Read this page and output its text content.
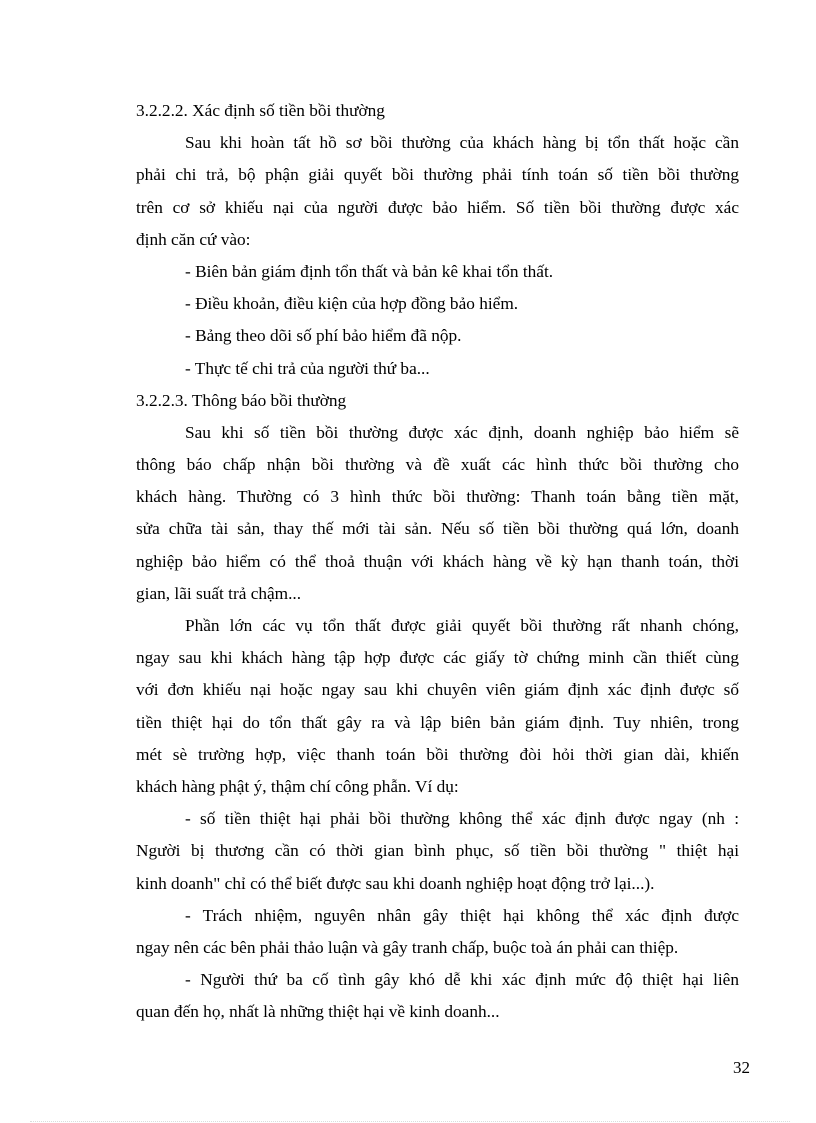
3.2.2.2. Xác định số tiền bồi thường
Sau khi hoàn tất hồ sơ bồi thường của khách hàng bị tổn thất hoặc cần
phải chi trả, bộ phận giải quyết bồi thường phải tính toán số tiền bồi thường
trên cơ sở khiếu nại của người được bảo hiểm. Số tiền bồi thường được xác
định căn cứ vào:
- Biên bản giám định tổn thất và bản kê khai tổn thất.
- Điều khoản, điều kiện của hợp đồng bảo hiểm.
- Bảng theo dõi số phí bảo hiểm đã nộp.
- Thực tế chi trả của người thứ ba...
3.2.2.3. Thông báo bồi thường
Sau khi số tiền bồi thường được xác định, doanh nghiệp bảo hiểm sẽ
thông báo chấp nhận bồi thường và đề xuất các hình thức bồi thường cho
khách hàng. Thường có 3 hình thức bồi thường: Thanh toán bằng tiền mặt,
sửa chữa tài sản, thay thế mới tài sản. Nếu số tiền bồi thường quá lớn, doanh
nghiệp bảo hiểm có thể thoả thuận với khách hàng về kỳ hạn thanh toán, thời
gian, lãi suất trả chậm...
Phần lớn các vụ tổn thất được giải quyết bồi thường rất nhanh chóng,
ngay sau khi khách hàng tập hợp được các giấy tờ chứng minh cần thiết cùng
với đơn khiếu nại hoặc ngay sau khi chuyên viên giám định xác định được số
tiền thiệt hại do tổn thất gây ra và lập biên bản giám định. Tuy nhiên, trong
mét sè trường hợp, việc thanh toán bồi thường đòi hỏi thời gian dài, khiến
khách hàng phật ý, thậm chí công phẫn. Ví dụ:
- số tiền thiệt hại phải bồi thường không thể xác định được ngay (nh :
Người bị thương cần có thời gian bình phục, số tiền bồi thường " thiệt hại
kinh doanh" chỉ có thể biết được sau khi doanh nghiệp hoạt động trở lại...).
- Trách nhiệm, nguyên nhân gây thiệt hại không thể xác định được
ngay nên các bên phải thảo luận và gây tranh chấp, buộc toà án phải can thiệp.
- Người thứ ba cố tình gây khó dễ khi xác định mức độ thiệt hại liên
quan đến họ, nhất là những thiệt hại về kinh doanh...
32
